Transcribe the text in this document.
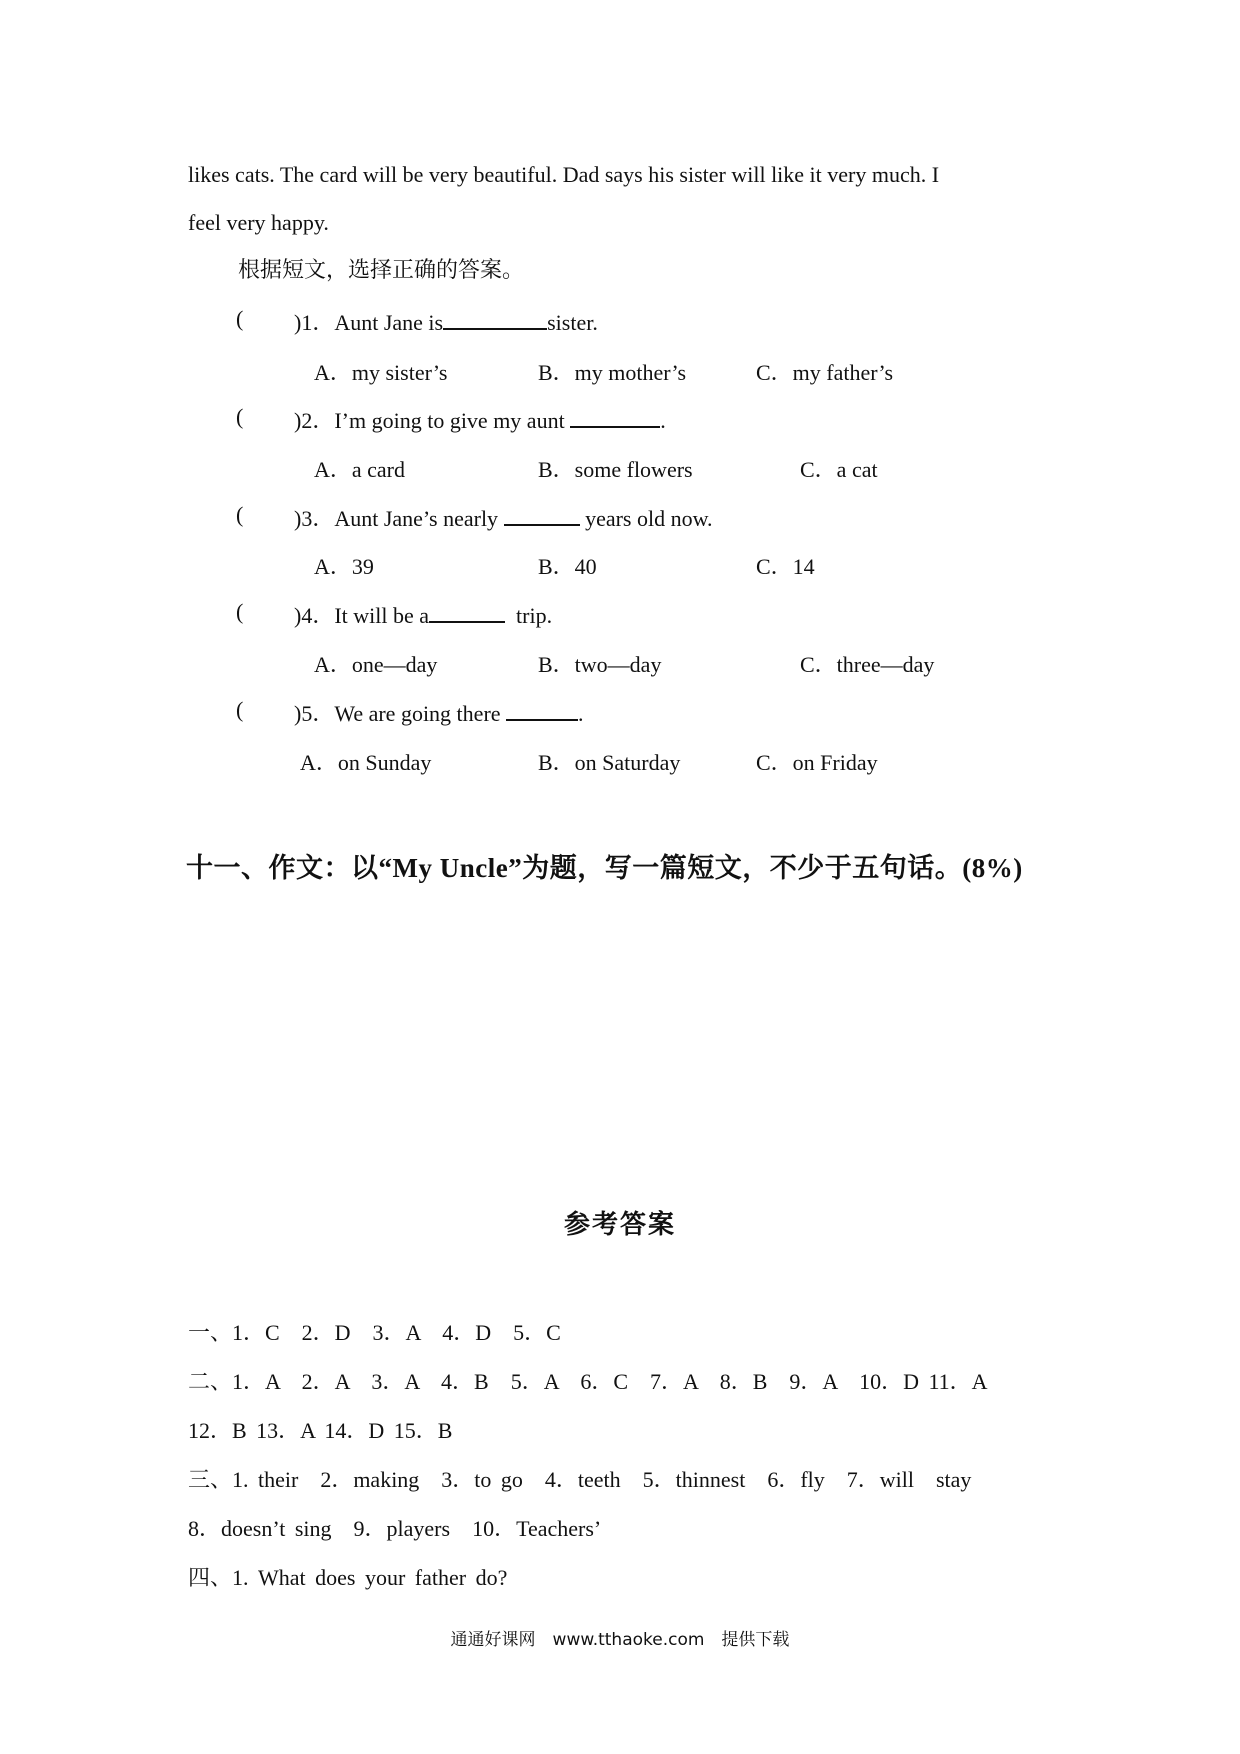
likes cats. The card will be very beautiful. Dad says his sister will like it very much. I
feel very happy.
根据短文，选择正确的答案。
( )1．Aunt Jane is	sister.
A．my sister’s	B．my mother’s	C．my father’s
( )2．I’m going to give my aunt	.
A．a card	B．some flowers	C．a cat
( )3．Aunt Jane’s nearly	years old now.
A．39	B．40	C．14
( )4．It will be a	trip.
A．one—day	B．two—day	C．three—day
( )5．We are going there	.
A．on Sunday	B．on Saturday	C．on Friday
十一、作文：以“My Uncle”为题，写一篇短文，不少于五句话。(8%)
参考答案
一、1．C　2．D　3．A　4．D　5．C
二、1．A　2．A　3．A　4．B　5．A　6．C　7．A　8．B　9．A　10．D 11．A
12．B 13．A 14．D 15．B
三、1. their　2．making　3．to go　4．teeth　5．thinnest　6．fly　7．will　stay
8．doesn’t sing　9．players　10．Teachers’
四、1. What does your father do?
通通好课网　www.tthaoke.com　提供下载
